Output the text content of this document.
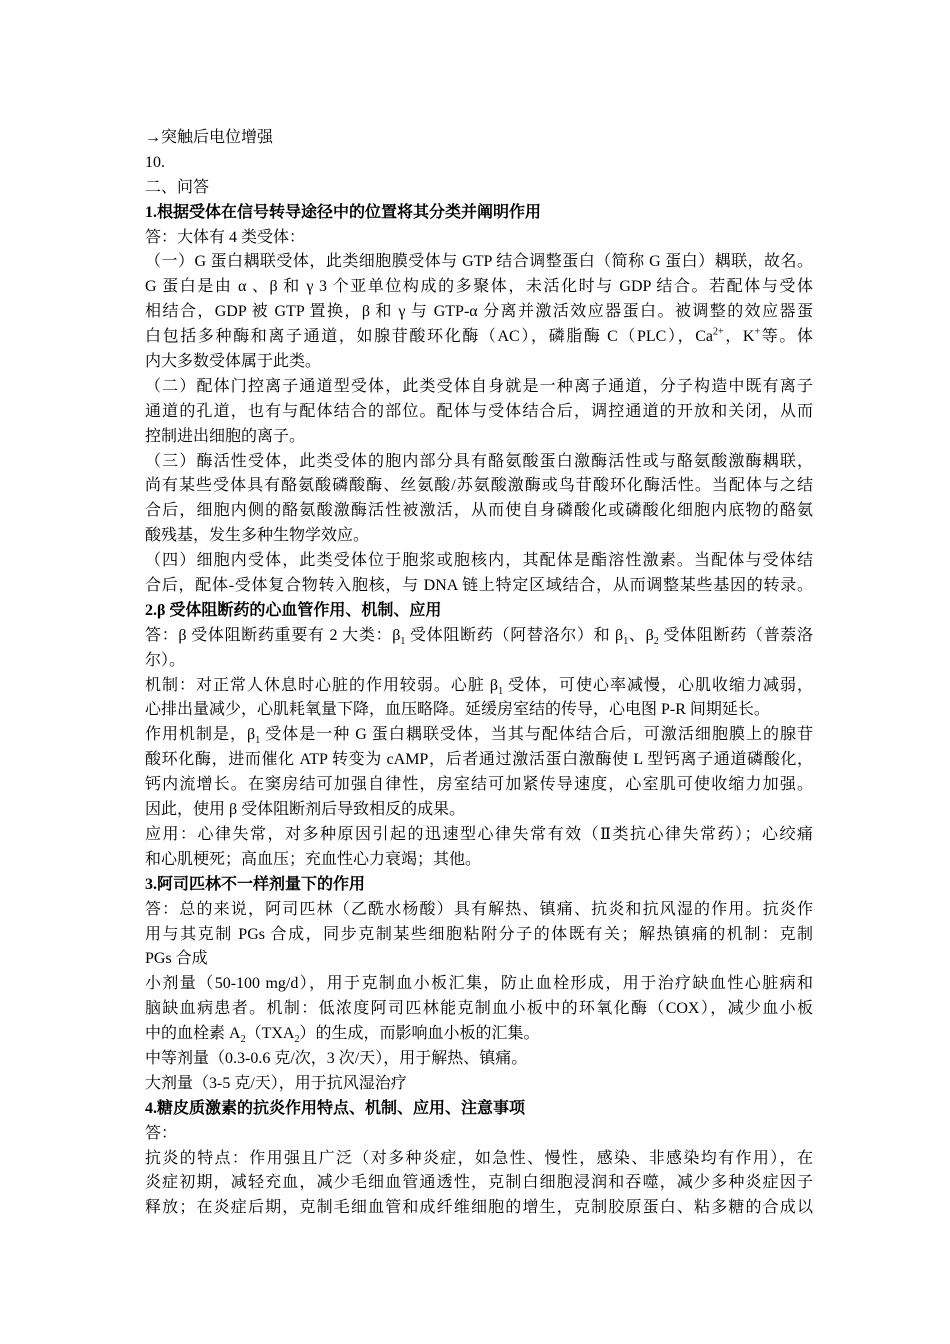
→突触后电位增强
10.
二、问答
1.根据受体在信号转导途径中的位置将其分类并阐明作用
答：大体有 4 类受体：
（一）G 蛋白耦联受体，此类细胞膜受体与 GTP 结合调整蛋白（简称 G 蛋白）耦联，故名。
G 蛋白是由 α 、β 和 γ 3 个亚单位构成的多聚体，未活化时与 GDP 结合。若配体与受体
相结合，GDP 被 GTP 置换，β 和 γ 与 GTP-α 分离并激活效应器蛋白。被调整的效应器蛋
白包括多种酶和离子通道，如腺苷酸环化酶（AC），磷脂酶 C（PLC），$Ca^{2+}$，K+等。体
内大多数受体属于此类。
（二）配体门控离子通道型受体，此类受体自身就是一种离子通道，分子构造中既有离子
通道的孔道，也有与配体结合的部位。配体与受体结合后，调控通道的开放和关闭，从而
控制进出细胞的离子。
（三）酶活性受体，此类受体的胞内部分具有酪氨酸蛋白激酶活性或与酪氨酸激酶耦联，
尚有某些受体具有酪氨酸磷酸酶、丝氨酸/苏氨酸激酶或鸟苷酸环化酶活性。当配体与之结
合后，细胞内侧的酪氨酸激酶活性被激活，从而使自身磷酸化或磷酸化细胞内底物的酪氨
酸残基，发生多种生物学效应。
（四）细胞内受体，此类受体位于胞浆或胞核内，其配体是酯溶性激素。当配体与受体结
合后，配体-受体复合物转入胞核，与 DNA 链上特定区域结合，从而调整某些基因的转录。
2.β 受体阻断药的心血管作用、机制、应用
答：β 受体阻断药重要有 2 大类：$\beta_1$ 受体阻断药（阿替洛尔）和 $\beta_1$、$\beta_2$ 受体阻断药（普萘洛
尔）。
机制：对正常人休息时心脏的作用较弱。心脏 $\beta_1$ 受体，可使心率减慢，心肌收缩力减弱，
心排出量减少，心肌耗氧量下降，血压略降。延缓房室结的传导，心电图 P-R 间期延长。
作用机制是，$\beta_1$ 受体是一种 G 蛋白耦联受体，当其与配体结合后，可激活细胞膜上的腺苷
酸环化酶，进而催化 ATP 转变为 cAMP，后者通过激活蛋白激酶使 L 型钙离子通道磷酸化，
钙内流增长。在窦房结可加强自律性，房室结可加紧传导速度，心室肌可使收缩力加强。
因此，使用 β 受体阻断剂后导致相反的成果。
应用：心律失常，对多种原因引起的迅速型心律失常有效（Ⅱ类抗心律失常药）；心绞痛
和心肌梗死；高血压；充血性心力衰竭；其他。
3.阿司匹林不一样剂量下的作用
答：总的来说，阿司匹林（乙酰水杨酸）具有解热、镇痛、抗炎和抗风湿的作用。抗炎作
用与其克制 PGs 合成，同步克制某些细胞粘附分子的体既有关；解热镇痛的机制：克制
PGs 合成
小剂量（50-100 mg/d），用于克制血小板汇集，防止血栓形成，用于治疗缺血性心脏病和
脑缺血病患者。机制：低浓度阿司匹林能克制血小板中的环氧化酶（COX），减少血小板
中的血栓素 $A_2(TXA_2)$的生成，而影响血小板的汇集。
中等剂量（0.3-0.6 克/次，3 次/天），用于解热、镇痛。
大剂量（3-5 克/天），用于抗风湿治疗
4.糖皮质激素的抗炎作用特点、机制、应用、注意事项
答：
抗炎的特点：作用强且广泛（对多种炎症，如急性、慢性，感染、非感染均有作用），在
炎症初期，减轻充血，减少毛细血管通透性，克制白细胞浸润和吞噬，减少多种炎症因子
释放；在炎症后期，克制毛细血管和成纤维细胞的增生，克制胶原蛋白、粘多糖的合成以
